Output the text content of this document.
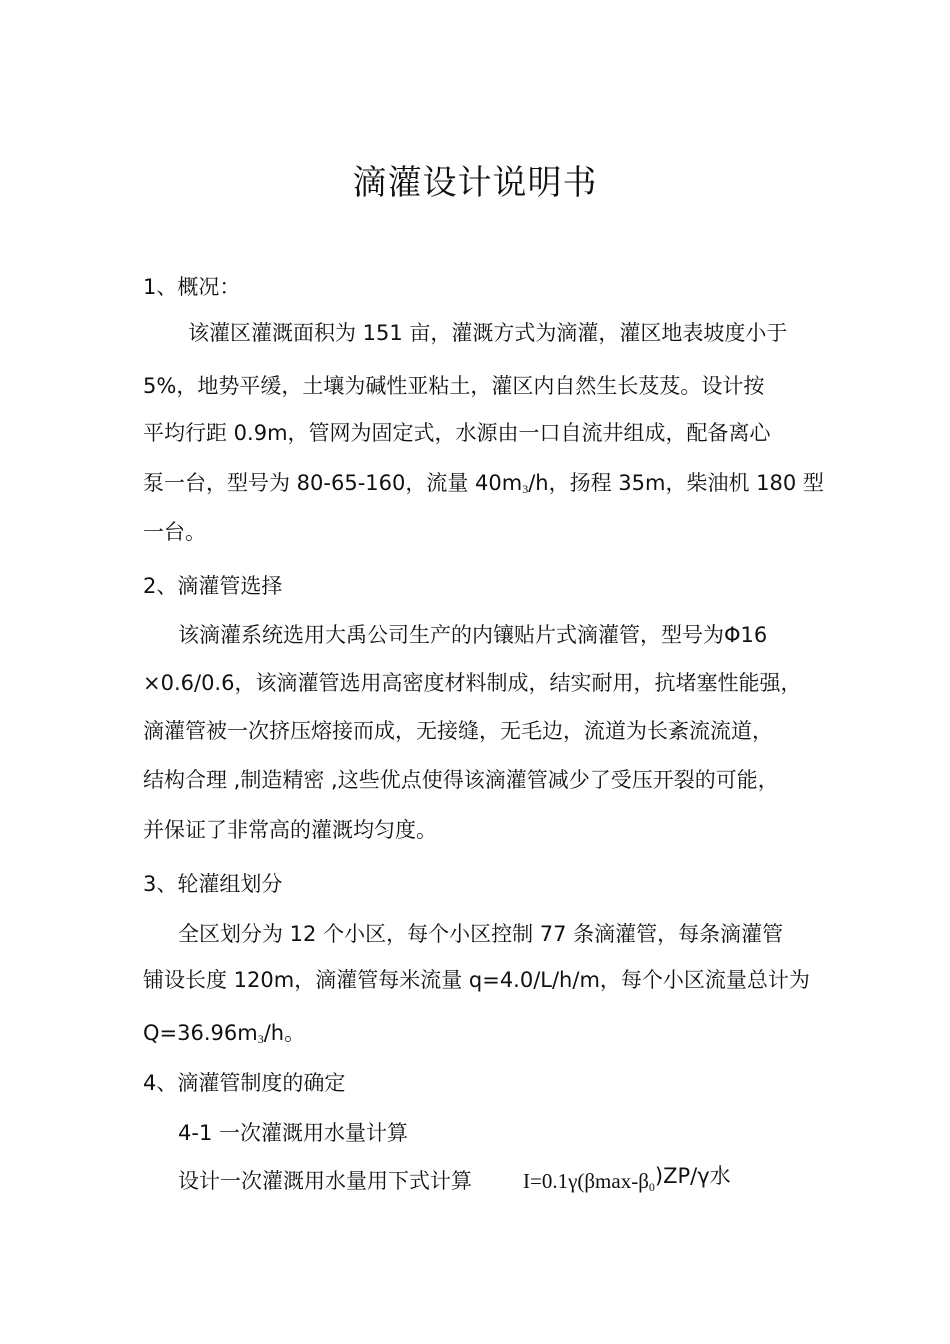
滴灌设计说明书

1、概况：

该灌区灌溉面积为 151 亩，灌溉方式为滴灌，灌区地表坡度小于

5%，地势平缓，土壤为碱性亚粘土，灌区内自然生长芨芨。设计按

平均行距 0.9m，管网为固定式，水源由一口自流井组成，配备离心

泵一台，型号为 80-65-160，流量 $40m_3/h$，扬程 35m，柴油机 180 型

一台。

2、滴灌管选择

该滴灌系统选用大禹公司生产的内镶贴片式滴灌管，型号为Φ16

×0.6/0.6，该滴灌管选用高密度材料制成，结实耐用，抗堵塞性能强，

滴灌管被一次挤压熔接而成，无接缝，无毛边，流道为长紊流流道，

结构合理 ,制造精密 ,这些优点使得该滴灌管减少了受压开裂的可能，

并保证了非常高的灌溉均匀度。

3、轮灌组划分

全区划分为 12 个小区，每个小区控制 77 条滴灌管，每条滴灌管

铺设长度 120m，滴灌管每米流量 q=4.0/L/h/m，每个小区流量总计为

$Q=36.96m_3/h$。

4、滴灌管制度的确定

4-1 一次灌溉用水量计算

设计一次灌溉用水量用下式计算	$I=0.1\gamma(\beta\max-\beta_0)ZP/\gamma$水
